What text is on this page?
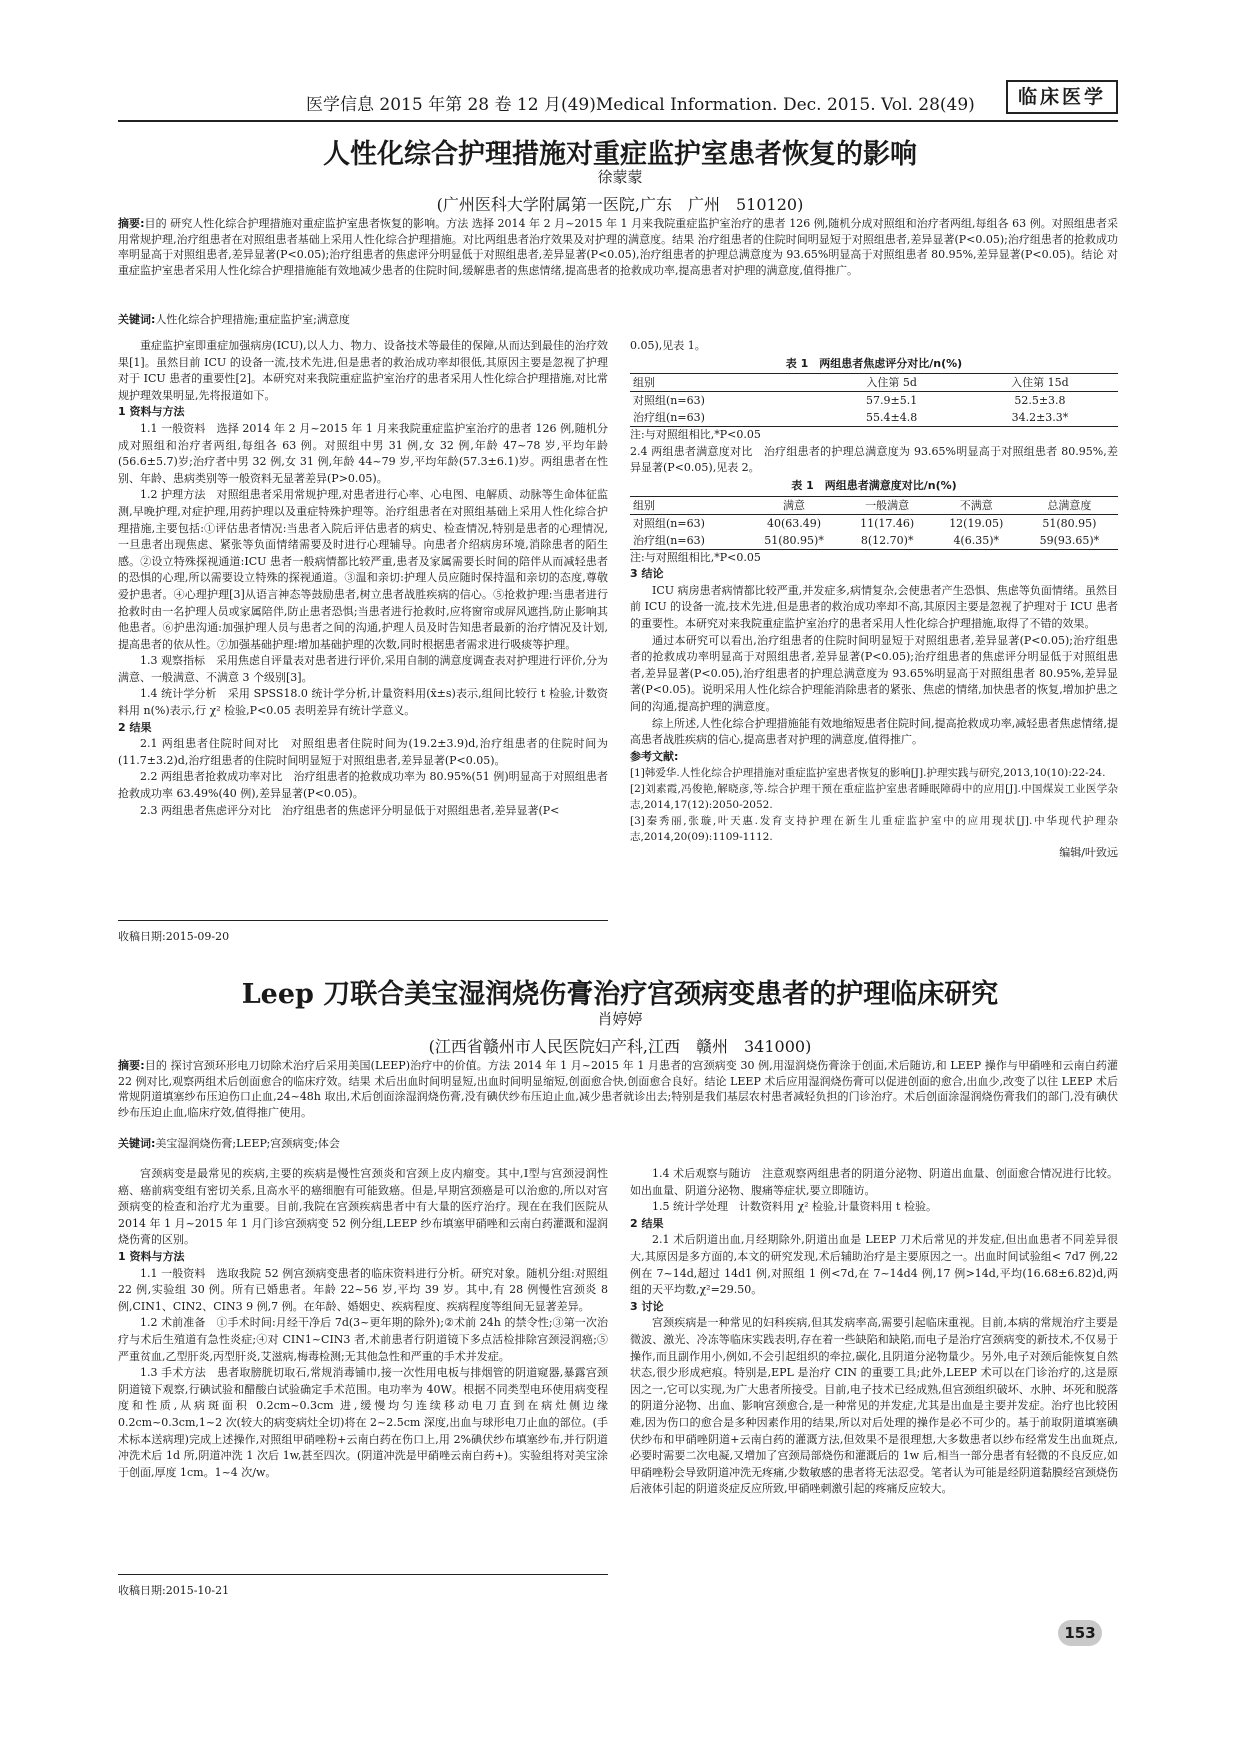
医学信息 2015 年第 28 卷 12 月(49)Medical Information. Dec. 2015. Vol. 28(49)	临床医学
人性化综合护理措施对重症监护室患者恢复的影响
徐蒙蒙
(广州医科大学附属第一医院,广东　广州　510120)
摘要:目的 研究人性化综合护理措施对重症监护室患者恢复的影响。方法 选择 2014 年 2 月~2015 年 1 月来我院重症监护室治疗的患者 126 例,随机分成对照组和治疗者两组,每组各 63 例。对照组患者采用常规护理,治疗组患者在对照组患者基础上采用人性化综合护理措施。对比两组患者治疗效果及对护理的满意度。结果 治疗组患者的住院时间明显短于对照组患者,差异显著(P<0.05);治疗组患者的抢救成功率明显高于对照组患者,差异显著(P<0.05);治疗组患者的焦虑评分明显低于对照组患者,差异显著(P<0.05),治疗组患者的护理总满意度为 93.65%明显高于对照组患者 80.95%,差异显著(P<0.05)。结论 对重症监护室患者采用人性化综合护理措施能有效地减少患者的住院时间,缓解患者的焦虑情绪,提高患者的抢救成功率,提高患者对护理的满意度,值得推广。
关键词:人性化综合护理措施;重症监护室;满意度

重症监护室即重症加强病房(ICU),以人力、物力、设备技术等最佳的保障,从而达到最佳的治疗效果[1]。虽然目前 ICU 的设备一流,技术先进,但是患者的救治成功率却很低,其原因主要是忽视了护理对于 ICU 患者的重要性[2]。本研究对来我院重症监护室治疗的患者采用人性化综合护理措施,对比常规护理效果明显,先将报道如下。

1 资料与方法

1.1 一般资料　选择 2014 年 2 月~2015 年 1 月来我院重症监护室治疗的患者 126 例,随机分成对照组和治疗者两组,每组各 63 例。对照组中男 31 例,女 32 例,年龄 47~78 岁,平均年龄(56.6±5.7)岁;治疗者中男 32 例,女 31 例,年龄 44~79 岁,平均年龄(57.3±6.1)岁。两组患者在性别、年龄、患病类别等一般资料无显著差异(P>0.05)。

1.2 护理方法　对照组患者采用常规护理,对患者进行心率、心电图、电解质、动脉等生命体征监测,早晚护理,对症护理,用药护理以及重症特殊护理等。治疗组患者在对照组基础上采用人性化综合护理措施,主要包括:①评估患者情况:当患者入院后评估患者的病史、检查情况,特别是患者的心理情况,一旦患者出现焦虑、紧张等负面情绪需要及时进行心理辅导。向患者介绍病房环境,消除患者的陌生感。②设立特殊探视通道:ICU 患者一般病情都比较严重,患者及家属需要长时间的陪伴从而减轻患者的恐惧的心理,所以需要设立特殊的探视通道。③温和亲切:护理人员应随时保持温和亲切的态度,尊敬爱护患者。④心理护理[3]从语言神态等鼓励患者,树立患者战胜疾病的信心。⑤抢救护理:当患者进行抢救时由一名护理人员或家属陪伴,防止患者恐惧;当患者进行抢救时,应将窗帘或屏风遮挡,防止影响其他患者。⑥护患沟通:加强护理人员与患者之间的沟通,护理人员及时告知患者最新的治疗情况及计划,提高患者的依从性。⑦加强基础护理:增加基础护理的次数,同时根据患者需求进行吸痰等护理。

1.3 观察指标　采用焦虑自评量表对患者进行评价,采用自制的满意度调查表对护理进行评价,分为满意、一般满意、不满意 3 个级别[3]。

1.4 统计学分析　采用 SPSS18.0 统计学分析,计量资料用(x̄±s)表示,组间比较行 t 检验,计数资料用 n(%)表示,行 χ² 检验,P<0.05 表明差异有统计学意义。

2 结果

2.1 两组患者住院时间对比　对照组患者住院时间为(19.2±3.9)d,治疗组患者的住院时间为(11.7±3.2)d,治疗组患者的住院时间明显短于对照组患者,差异显著(P<0.05)。

2.2 两组患者抢救成功率对比　治疗组患者的抢救成功率为 80.95%(51 例)明显高于对照组患者抢救成功率 63.49%(40 例),差异显著(P<0.05)。

2.3 两组患者焦虑评分对比　治疗组患者的焦虑评分明显低于对照组患者,差异显著(P<

0.05),见表 1。

表 1　两组患者焦虑评分对比/n(%)
组别	入住第 5d	入住第 15d
对照组(n=63)	57.9±5.1	52.5±3.8
治疗组(n=63)	55.4±4.8	34.2±3.3*
注:与对照组相比,*P<0.05

2.4 两组患者满意度对比　治疗组患者的护理总满意度为 93.65%明显高于对照组患者 80.95%,差异显著(P<0.05),见表 2。

表 1　两组患者满意度对比/n(%)
组别	满意	一般满意	不满意	总满意度
对照组(n=63)	40(63.49)	11(17.46)	12(19.05)	51(80.95)
治疗组(n=63)	51(80.95)*	8(12.70)*	4(6.35)*	59(93.65)*
注:与对照组相比,*P<0.05
3 结论

ICU 病房患者病情都比较严重,并发症多,病情复杂,会使患者产生恐惧、焦虑等负面情绪。虽然目前 ICU 的设备一流,技术先进,但是患者的救治成功率却不高,其原因主要是忽视了护理对于 ICU 患者的重要性。本研究对来我院重症监护室治疗的患者采用人性化综合护理措施,取得了不错的效果。

通过本研究可以看出,治疗组患者的住院时间明显短于对照组患者,差异显著(P<0.05);治疗组患者的抢救成功率明显高于对照组患者,差异显著(P<0.05);治疗组患者的焦虑评分明显低于对照组患者,差异显著(P<0.05),治疗组患者的护理总满意度为 93.65%明显高于对照组患者 80.95%,差异显著(P<0.05)。说明采用人性化综合护理能消除患者的紧张、焦虑的情绪,加快患者的恢复,增加护患之间的沟通,提高护理的满意度。

综上所述,人性化综合护理措施能有效地缩短患者住院时间,提高抢救成功率,减轻患者焦虑情绪,提高患者战胜疾病的信心,提高患者对护理的满意度,值得推广。

参考文献:

[1]韩爱华.人性化综合护理措施对重症监护室患者恢复的影响[J].护理实践与研究,2013,10(10):22-24.

[2]刘素霞,冯俊艳,解晓彦,等.综合护理干预在重症监护室患者睡眠障碍中的应用[J].中国煤炭工业医学杂志,2014,17(12):2050-2052.

[3]秦秀丽,张璇,叶天惠.发育支持护理在新生儿重症监护室中的应用现状[J].中华现代护理杂志,2014,20(09):1109-1112.

编辑/叶致远
收稿日期:2015-09-20
Leep 刀联合美宝湿润烧伤膏治疗宫颈病变患者的护理临床研究
肖婷婷
(江西省赣州市人民医院妇产科,江西　赣州　341000)
摘要:目的 探讨宫颈环形电刀切除术治疗后采用美国(LEEP)治疗中的价值。方法 2014 年 1 月~2015 年 1 月患者的宫颈病变 30 例,用湿润烧伤膏涂于创面,术后随访,和 LEEP 操作与甲硝唑和云南白药灌 22 例对比,观察两组术后创面愈合的临床疗效。结果 术后出血时间明显短,出血时间明显缩短,创面愈合快,创面愈合良好。结论 LEEP 术后应用湿润烧伤膏可以促进创面的愈合,出血少,改变了以往 LEEP 术后常规阴道填塞纱布压迫伤口止血,24~48h 取出,术后创面涂湿润烧伤膏,没有碘伏纱布压迫止血,减少患者就诊出去;特别是我们基层农村患者减轻负担的门诊治疗。术后创面涂湿润烧伤膏我们的部门,没有碘伏纱布压迫止血,临床疗效,值得推广使用。
关键词:美宝湿润烧伤膏;LEEP;宫颈病变;体会

宫颈病变是最常见的疾病,主要的疾病是慢性宫颈炎和宫颈上皮内瘤变。其中,Ⅰ型与宫颈浸润性癌、癌前病变组有密切关系,且高水平的癌细胞有可能致癌。但是,早期宫颈癌是可以治愈的,所以对宫颈病变的检查和治疗尤为重要。目前,我院在宫颈疾病患者中有大量的医疗治疗。现在在我们医院从 2014 年 1 月~2015 年 1 月门诊宫颈病变 52 例分组,LEEP 纱布填塞甲硝唑和云南白药灌溉和湿润烧伤膏的区别。

1 资料与方法

1.1 一般资料　选取我院 52 例宫颈病变患者的临床资料进行分析。研究对象。随机分组:对照组 22 例,实验组 30 例。所有已婚患者。年龄 22~56 岁,平均 39 岁。其中,有 28 例慢性宫颈炎 8 例,CIN1、CIN2、CIN3 9 例,7 例。在年龄、婚姻史、疾病程度、疾病程度等组间无显著差异。

1.2 术前准备　①手术时间:月经干净后 7d(3~更年期的除外);②术前 24h 的禁令性;③第一次治疗与术后生殖道有急性炎症;④对 CIN1~CIN3 者,术前患者行阴道镜下多点活检排除宫颈浸润癌;⑤严重贫血,乙型肝炎,丙型肝炎,艾滋病,梅毒检测;无其他急性和严重的手术并发症。

1.3 手术方法　患者取膀胱切取石,常规消毒铺巾,接一次性用电板与排烟管的阴道窥器,暴露宫颈阴道镜下观察,行碘试验和醋酸白试验确定手术范围。电功率为 40W。根据不同类型电环使用病变程度和性质,从病斑面积 0.2cm~0.3cm 进,缓慢均匀连续移动电刀直到在病灶侧边缘 0.2cm~0.3cm,1~2 次(较大的病变病灶全切)将在 2~2.5cm 深度,出血与球形电刀止血的部位。(手术标本送病理)完成上述操作,对照组甲硝唑粉+云南白药在伤口上,用 2%碘伏纱布填塞纱布,并行阴道冲洗术后 1d 所,阴道冲洗 1 次后 1w,甚至四次。(阴道冲洗是甲硝唑云南白药+)。实验组将对美宝涂于创面,厚度 1cm。1~4 次/w。

1.4 术后观察与随访　注意观察两组患者的阴道分泌物、阴道出血量、创面愈合情况进行比较。如出血量、阴道分泌物、腹痛等症状,要立即随访。

1.5 统计学处理　计数资料用 χ² 检验,计量资料用 t 检验。

2 结果

2.1 术后阴道出血,月经期除外,阴道出血是 LEEP 刀术后常见的并发症,但出血患者不同差异很大,其原因是多方面的,本文的研究发现,术后辅助治疗是主要原因之一。出血时间试验组< 7d7 例,22 例在 7~14d,超过 14d1 例,对照组 1 例<7d,在 7~14d4 例,17 例>14d,平均(16.68±6.82)d,两组的天平均数,χ²=29.50。

3 讨论

宫颈疾病是一种常见的妇科疾病,但其发病率高,需要引起临床重视。目前,本病的常规治疗主要是微波、激光、冷冻等临床实践表明,存在着一些缺陷和缺陷,而电子是治疗宫颈病变的新技术,不仅易于操作,而且副作用小,例如,不会引起组织的牵拉,碳化,且阴道分泌物量少。另外,电子对颈后能恢复自然状态,很少形成疤痕。特别是,EPL 是治疗 CIN 的重要工具;此外,LEEP 术可以在门诊治疗的,这是原因之一,它可以实现,为广大患者所接受。目前,电子技术已经成熟,但宫颈组织破坏、水肿、坏死和脱落的阴道分泌物、出血、影响宫颈愈合,是一种常见的并发症,尤其是出血是主要并发症。治疗也比较困难,因为伤口的愈合是多种因素作用的结果,所以对后处理的操作是必不可少的。基于前取阴道填塞碘伏纱布和甲硝唑阴道+云南白药的灌溉方法,但效果不是很理想,大多数患者以纱布经常发生出血斑点,必要时需要二次电凝,又增加了宫颈局部烧伤和灌溉后的 1w 后,相当一部分患者有轻微的不良反应,如甲硝唑粉会导致阴道冲洗无疼痛,少数敏感的患者将无法忍受。笔者认为可能是经阴道黏膜经宫颈烧伤后液体引起的阴道炎症反应所致,甲硝唑刺激引起的疼痛反应较大。

收稿日期:2015-10-21
153
